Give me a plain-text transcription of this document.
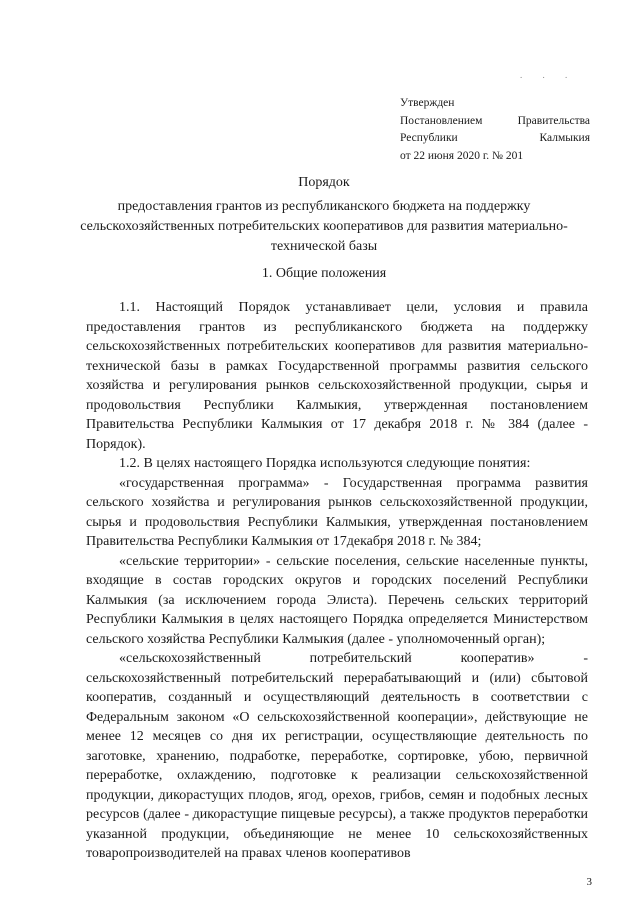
. . .
Утвержден
Постановлением	Правительства
Республики	Калмыкия
от 22 июня 2020 г. № 201
Порядок
предоставления грантов из республиканского бюджета на поддержку сельскохозяйственных потребительских кооперативов для развития материально-технической базы
1. Общие положения

1.1. Настоящий Порядок устанавливает цели, условия и правила предоставления грантов из республиканского бюджета на поддержку сельскохозяйственных потребительских кооперативов для развития материально-технической базы в рамках Государственной программы развития сельского хозяйства и регулирования рынков сельскохозяйственной продукции, сырья и продовольствия Республики Калмыкия, утвержденная постановлением Правительства Республики Калмыкия от 17 декабря 2018 г. № 384 (далее - Порядок).

1.2. В целях настоящего Порядка используются следующие понятия:

«государственная программа» - Государственная программа развития сельского хозяйства и регулирования рынков сельскохозяйственной продукции, сырья и продовольствия Республики Калмыкия, утвержденная постановлением Правительства Республики Калмыкия от 17декабря 2018 г. № 384;

«сельские территории» - сельские поселения, сельские населенные пункты, входящие в состав городских округов и городских поселений Республики Калмыкия (за исключением города Элиста). Перечень сельских территорий Республики Калмыкия в целях настоящего Порядка определяется Министерством сельского хозяйства Республики Калмыкия (далее - уполномоченный орган);

«сельскохозяйственный потребительский кооператив» - сельскохозяйственный потребительский перерабатывающий и (или) сбытовой кооператив, созданный и осуществляющий деятельность в соответствии с Федеральным законом «О сельскохозяйственной кооперации», действующие не менее 12 месяцев со дня их регистрации, осуществляющие деятельность по заготовке, хранению, подработке, переработке, сортировке, убою, первичной переработке, охлаждению, подготовке к реализации сельскохозяйственной продукции, дикорастущих плодов, ягод, орехов, грибов, семян и подобных лесных ресурсов (далее - дикорастущие пищевые ресурсы), а также продуктов переработки указанной продукции, объединяющие не менее 10 сельскохозяйственных товаропроизводителей на правах членов кооперативов

3
